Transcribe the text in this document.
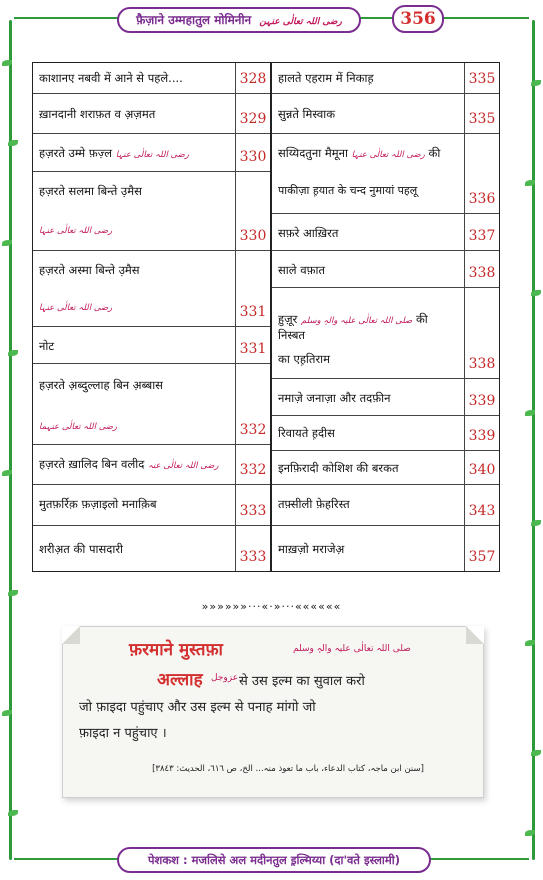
फ़ैज़ाने उम्महातुल मोमिनीन رضی اللہ تعالٰی عنہن	356
काशानए नबवी में आने से पहले....	328
ख़ानदानी शराफ़त व अ़ज़मत	329
हज़रते उम्मे फ़ज़्ल رضی اللہ تعالٰی عنہا	330
हज़रते सलमा बिन्ते उ़मैस
رضی اللہ تعالٰی عنہا	330
हज़रते अस्मा बिन्ते उ़मैस
رضی اللہ تعالٰی عنہا	331
नोट	331
हज़रते अ़ब्दुल्लाह बिन अ़ब्बास
رضی اللہ تعالٰی عنہما	332
हज़रते ख़ालिद बिन वलीद رضی اللہ تعالٰی عنہ	332
मुतफ़र्रिक़ फ़ज़ाइलो मनाक़िब	333
शरीअ़त की पासदारी	333
हालते एहराम में निकाह़	335
सुन्नते मिस्वाक	335
सय्यिदतुना मैमूना رضی اللہ تعالٰی عنہا की
पाकीज़ा ह़यात के चन्द नुमायां पहलू
336
सफ़रे आख़िरत	337
साले वफ़ात	338
ह़ुज़ूर صلی اللہ تعالٰی علیہ والہٖ وسلم की निस्बत
का एह़तिराम	338
नमाज़े जनाज़ा और तदफ़ीन	339
रिवायते ह़दीस	339
इनफ़िरादी कोशिश की बरकत	340
तफ़्सीली फ़ेहरिस्त	343
माख़ज़ो मराजेअ़	357
»»»»»»···«·»···««««««
फ़रमाने मुस्तफ़ा	صلی اللہ تعالٰی علیہ والہٖ وسلم
अल्लाह عزوجل से उस इल्म का सुवाल करो
जो फ़ाइदा पहुंचाए और उस इल्म से पनाह मांगो जो
फ़ाइदा न पहुंचाए ।
[سنن ابن ماجہ، کتاب الدعاء، باب ما تعوذ منہ... الخ، ص ٦١٦، الحدیث: ٣٨٤٣]
पेशकश : मजलिसे अल मदीनतुल इ़ल्मिय्या (दा'वते इस्लामी)
